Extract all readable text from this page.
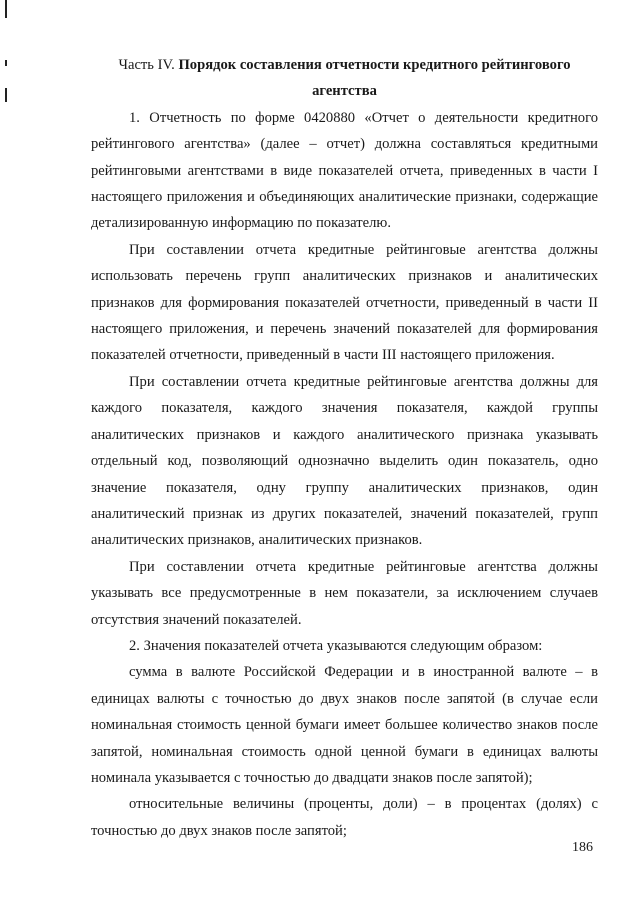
Часть IV. Порядок составления отчетности кредитного рейтингового агентства

1. Отчетность по форме 0420880 «Отчет о деятельности кредитного рейтингового агентства» (далее – отчет) должна составляться кредитными рейтинговыми агентствами в виде показателей отчета, приведенных в части I настоящего приложения и объединяющих аналитические признаки, содержащие детализированную информацию по показателю.

При составлении отчета кредитные рейтинговые агентства должны использовать перечень групп аналитических признаков и аналитических признаков для формирования показателей отчетности, приведенный в части II настоящего приложения, и перечень значений показателей для формирования показателей отчетности, приведенный в части III настоящего приложения.

При составлении отчета кредитные рейтинговые агентства должны для каждого показателя, каждого значения показателя, каждой группы аналитических признаков и каждого аналитического признака указывать отдельный код, позволяющий однозначно выделить один показатель, одно значение показателя, одну группу аналитических признаков, один аналитический признак из других показателей, значений показателей, групп аналитических признаков, аналитических признаков.

При составлении отчета кредитные рейтинговые агентства должны указывать все предусмотренные в нем показатели, за исключением случаев отсутствия значений показателей.

2. Значения показателей отчета указываются следующим образом:

сумма в валюте Российской Федерации и в иностранной валюте – в единицах валюты с точностью до двух знаков после запятой (в случае если номинальная стоимость ценной бумаги имеет большее количество знаков после запятой, номинальная стоимость одной ценной бумаги в единицах валюты номинала указывается с точностью до двадцати знаков после запятой);

относительные величины (проценты, доли) – в процентах (долях) с точностью до двух знаков после запятой;

186
